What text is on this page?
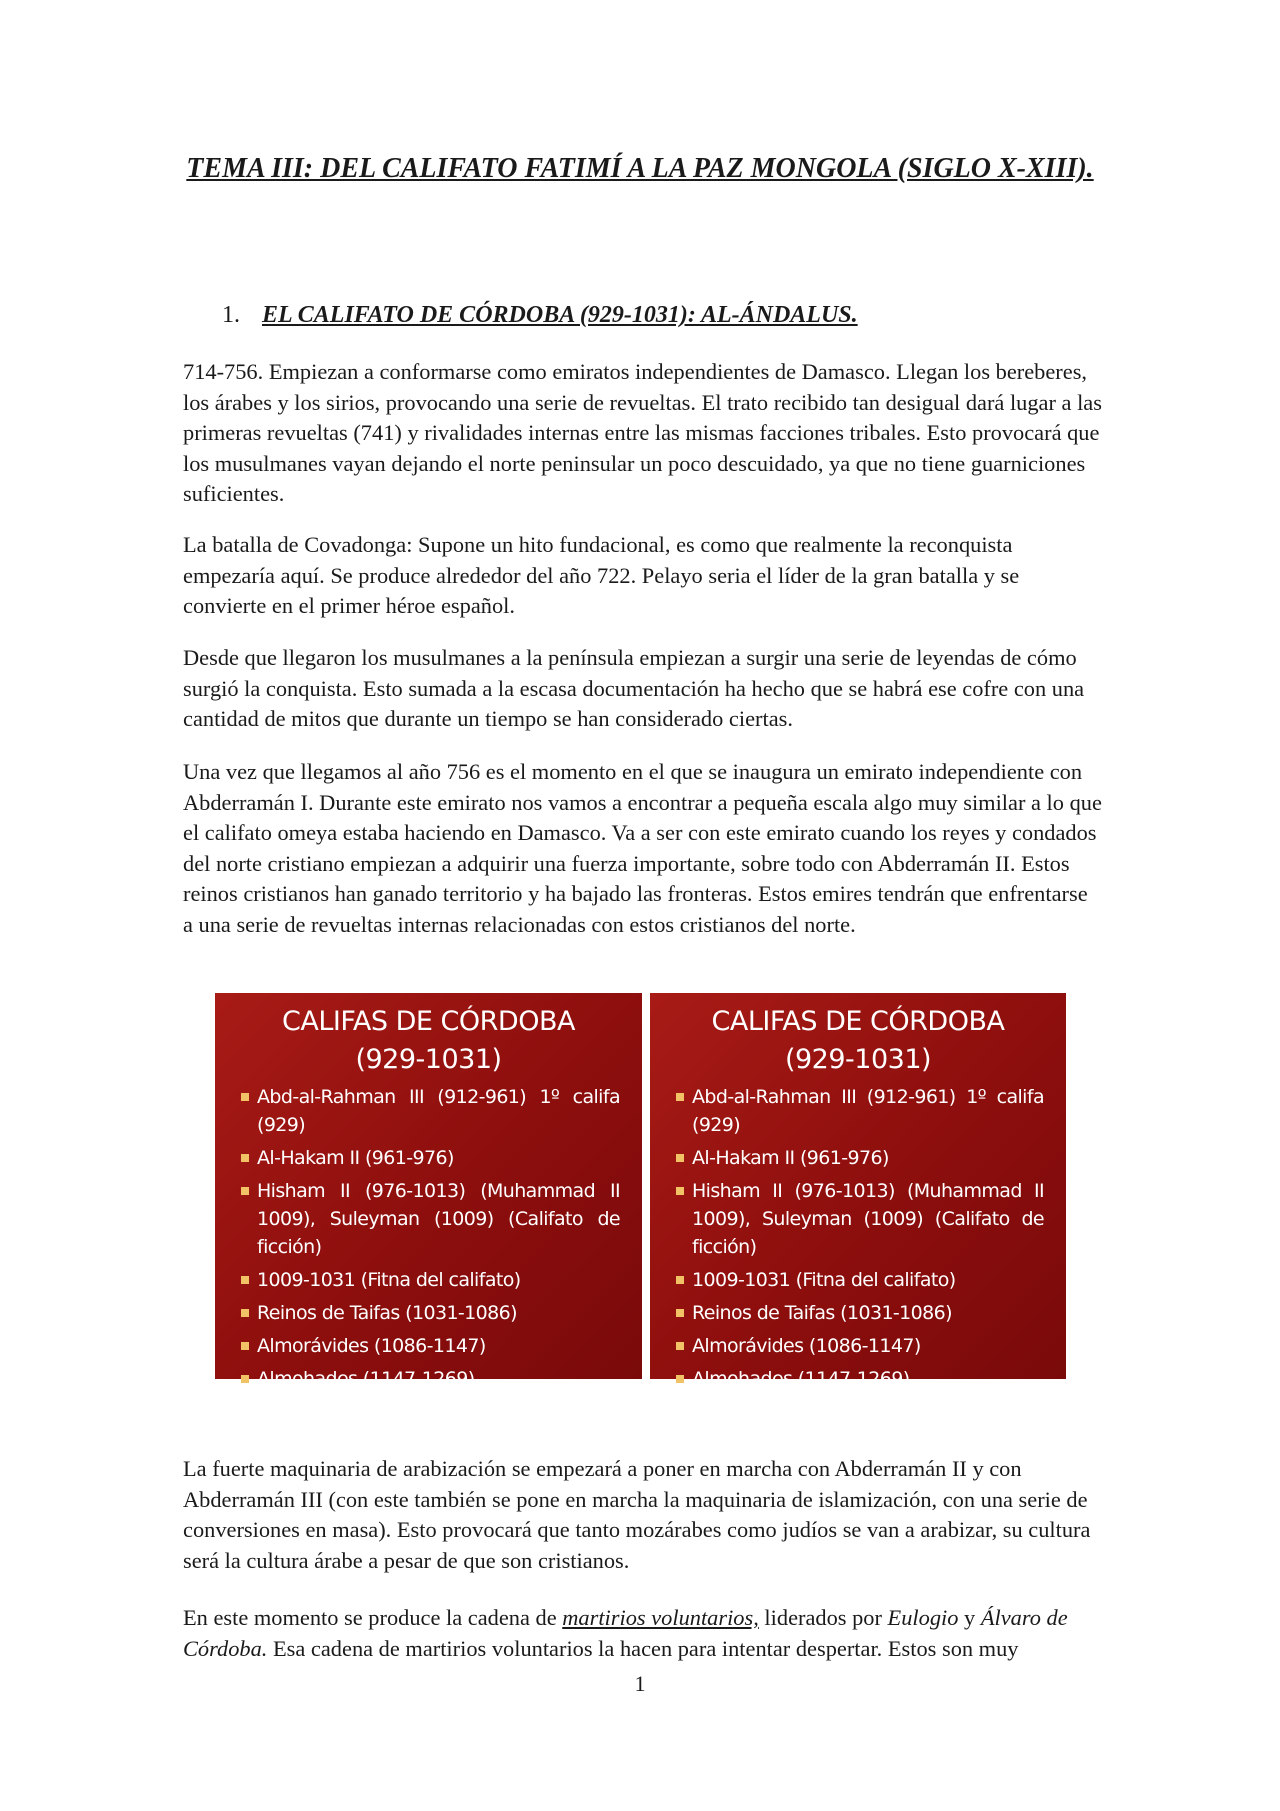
TEMA III: DEL CALIFATO FATIMÍ A LA PAZ MONGOLA (SIGLO X-XIII).
1. EL CALIFATO DE CÓRDOBA (929-1031): AL-ÁNDALUS.

714-756. Empiezan a conformarse como emiratos independientes de Damasco. Llegan los bereberes, los árabes y los sirios, provocando una serie de revueltas. El trato recibido tan desigual dará lugar a las primeras revueltas (741) y rivalidades internas entre las mismas facciones tribales. Esto provocará que los musulmanes vayan dejando el norte peninsular un poco descuidado, ya que no tiene guarniciones suficientes.

La batalla de Covadonga: Supone un hito fundacional, es como que realmente la reconquista empezaría aquí. Se produce alrededor del año 722. Pelayo seria el líder de la gran batalla y se convierte en el primer héroe español.

Desde que llegaron los musulmanes a la península empiezan a surgir una serie de leyendas de cómo surgió la conquista. Esto sumada a la escasa documentación ha hecho que se habrá ese cofre con una cantidad de mitos que durante un tiempo se han considerado ciertas.

Una vez que llegamos al año 756 es el momento en el que se inaugura un emirato independiente con Abderramán I. Durante este emirato nos vamos a encontrar a pequeña escala algo muy similar a lo que el califato omeya estaba haciendo en Damasco. Va a ser con este emirato cuando los reyes y condados del norte cristiano empiezan a adquirir una fuerza importante, sobre todo con Abderramán II. Estos reinos cristianos han ganado territorio y ha bajado las fronteras. Estos emires tendrán que enfrentarse a una serie de revueltas internas relacionadas con estos cristianos del norte.

CALIFAS DE CÓRDOBA
(929-1031)
Abd-al-Rahman III (912-961) 1º califa (929)
Al-Hakam II (961-976)
Hisham II (976-1013) (Muhammad II 1009), Suleyman (1009) (Califato de ficción)
1009-1031 (Fitna del califato)
Reinos de Taifas (1031-1086)
Almorávides (1086-1147)
Almohades (1147-1269)
CALIFAS DE CÓRDOBA
(929-1031)
Abd-al-Rahman III (912-961) 1º califa (929)
Al-Hakam II (961-976)
Hisham II (976-1013) (Muhammad II 1009), Suleyman (1009) (Califato de ficción)
1009-1031 (Fitna del califato)
Reinos de Taifas (1031-1086)
Almorávides (1086-1147)
Almohades (1147-1269)

La fuerte maquinaria de arabización se empezará a poner en marcha con Abderramán II y con Abderramán III (con este también se pone en marcha la maquinaria de islamización, con una serie de conversiones en masa). Esto provocará que tanto mozárabes como judíos se van a arabizar, su cultura será la cultura árabe a pesar de que son cristianos.

En este momento se produce la cadena de martirios voluntarios, liderados por Eulogio y Álvaro de Córdoba. Esa cadena de martirios voluntarios la hacen para intentar despertar. Estos son muy

1
